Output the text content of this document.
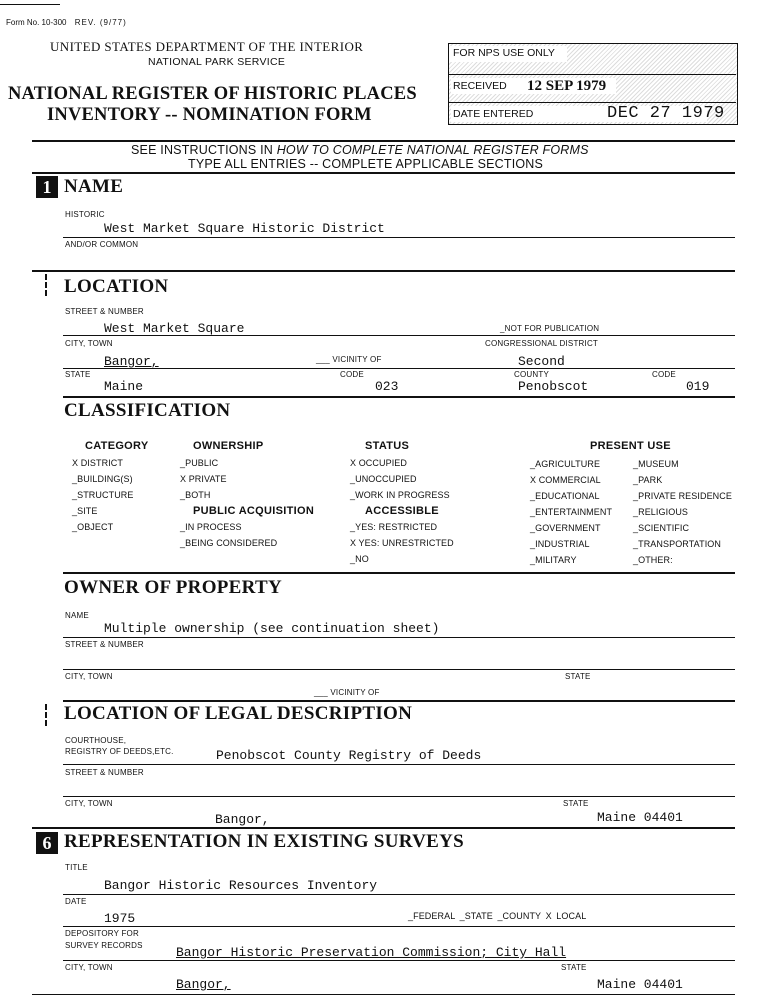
Form No. 10-300 REV. (9/77)
UNITED STATES DEPARTMENT OF THE INTERIOR
NATIONAL PARK SERVICE
NATIONAL REGISTER OF HISTORIC PLACES
INVENTORY -- NOMINATION FORM
FOR NPS USE ONLY
RECEIVED 12 SEP 1979
DATE ENTERED	DEC 27 1979
SEE INSTRUCTIONS IN HOW TO COMPLETE NATIONAL REGISTER FORMS
TYPE ALL ENTRIES -- COMPLETE APPLICABLE SECTIONS
1 NAME
HISTORIC
West Market Square Historic District
AND/OR COMMON
LOCATION
STREET & NUMBER
West Market Square	_NOT FOR PUBLICATION
CITY, TOWN	CONGRESSIONAL DISTRICT
Bangor,	___ VICINITY OF	Second
STATE	CODE	COUNTY	CODE
Maine	023	Penobscot	019
CLASSIFICATION
CATEGORY
X DISTRICT
_BUILDING(S)
_STRUCTURE
_SITE
_OBJECT
OWNERSHIP
_PUBLIC
X PRIVATE
_BOTH
PUBLIC ACQUISITION
_IN PROCESS
_BEING CONSIDERED
STATUS
X OCCUPIED
_UNOCCUPIED
_WORK IN PROGRESS
ACCESSIBLE
_YES: RESTRICTED
X YES: UNRESTRICTED
_NO
PRESENT USE
_AGRICULTURE
X COMMERCIAL
_EDUCATIONAL
_ENTERTAINMENT
_GOVERNMENT
_INDUSTRIAL
_MILITARY
_MUSEUM
_PARK
_PRIVATE RESIDENCE
_RELIGIOUS
_SCIENTIFIC
_TRANSPORTATION
_OTHER:
OWNER OF PROPERTY
NAME
Multiple ownership (see continuation sheet)
STREET & NUMBER
CITY, TOWN	STATE
___ VICINITY OF
LOCATION OF LEGAL DESCRIPTION
COURTHOUSE,
REGISTRY OF DEEDS,ETC.	Penobscot County Registry of Deeds
STREET & NUMBER
CITY, TOWN	STATE
Bangor,	Maine 04401
6 REPRESENTATION IN EXISTING SURVEYS
TITLE
Bangor Historic Resources Inventory
DATE
1975	_FEDERAL _STATE _COUNTY X LOCAL
DEPOSITORY FOR
SURVEY RECORDS	Bangor Historic Preservation Commission; City Hall
CITY, TOWN	STATE
Bangor,	Maine 04401
